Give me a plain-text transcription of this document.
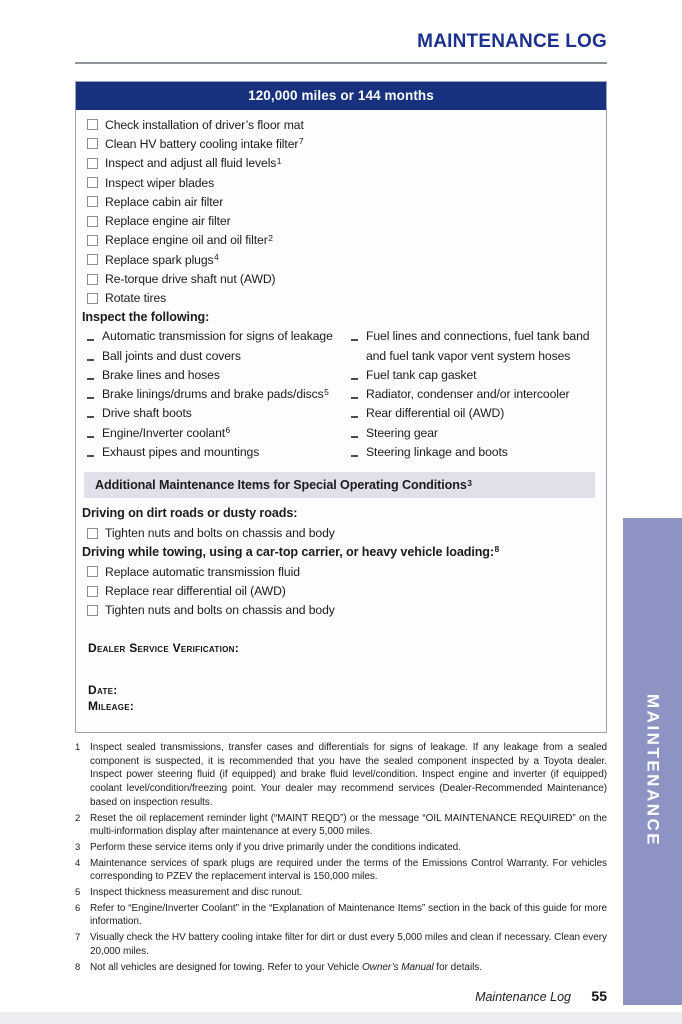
MAINTENANCE LOG
120,000 miles or 144 months
Check installation of driver’s floor mat
Clean HV battery cooling intake filter$^7$
Inspect and adjust all fluid levels$^1$
Inspect wiper blades
Replace cabin air filter
Replace engine air filter
Replace engine oil and oil filter$^2$
Replace spark plugs$^4$
Re-torque drive shaft nut (AWD)
Rotate tires
Inspect the following:
Automatic transmission for signs of leakage
Ball joints and dust covers
Brake lines and hoses
Brake linings/drums and brake pads/discs$^5$
Drive shaft boots
Engine/Inverter coolant$^6$
Exhaust pipes and mountings
Fuel lines and connections, fuel tank band and fuel tank vapor vent system hoses
Fuel tank cap gasket
Radiator, condenser and/or intercooler
Rear differential oil (AWD)
Steering gear
Steering linkage and boots
Additional Maintenance Items for Special Operating Conditions$^3$
Driving on dirt roads or dusty roads:
Tighten nuts and bolts on chassis and body
Driving while towing, using a car-top carrier, or heavy vehicle loading:$^8$
Replace automatic transmission fluid
Replace rear differential oil (AWD)
Tighten nuts and bolts on chassis and body
Dealer Service Verification:
Date:
Mileage:
1 Inspect sealed transmissions, transfer cases and differentials for signs of leakage. If any leakage from a sealed component is suspected, it is recommended that you have the sealed component inspected by a Toyota dealer. Inspect power steering fluid (if equipped) and brake fluid level/condition. Inspect engine and inverter (if equipped) coolant level/condition/freezing point. Your dealer may recommend services (Dealer-Recommended Maintenance) based on inspection results.
2 Reset the oil replacement reminder light (“MAINT REQD”) or the message “OIL MAINTENANCE REQUIRED” on the multi-information display after maintenance at every 5,000 miles.
3 Perform these service items only if you drive primarily under the conditions indicated.
4 Maintenance services of spark plugs are required under the terms of the Emissions Control Warranty. For vehicles corresponding to PZEV the replacement interval is 150,000 miles.
5 Inspect thickness measurement and disc runout.
6 Refer to “Engine/Inverter Coolant” in the “Explanation of Maintenance Items” section in the back of this guide for more information.
7 Visually check the HV battery cooling intake filter for dirt or dust every 5,000 miles and clean if necessary. Clean every 20,000 miles.
8 Not all vehicles are designed for towing. Refer to your Vehicle Owner’s Manual for details.
Maintenance Log 55
MAINTENANCE
